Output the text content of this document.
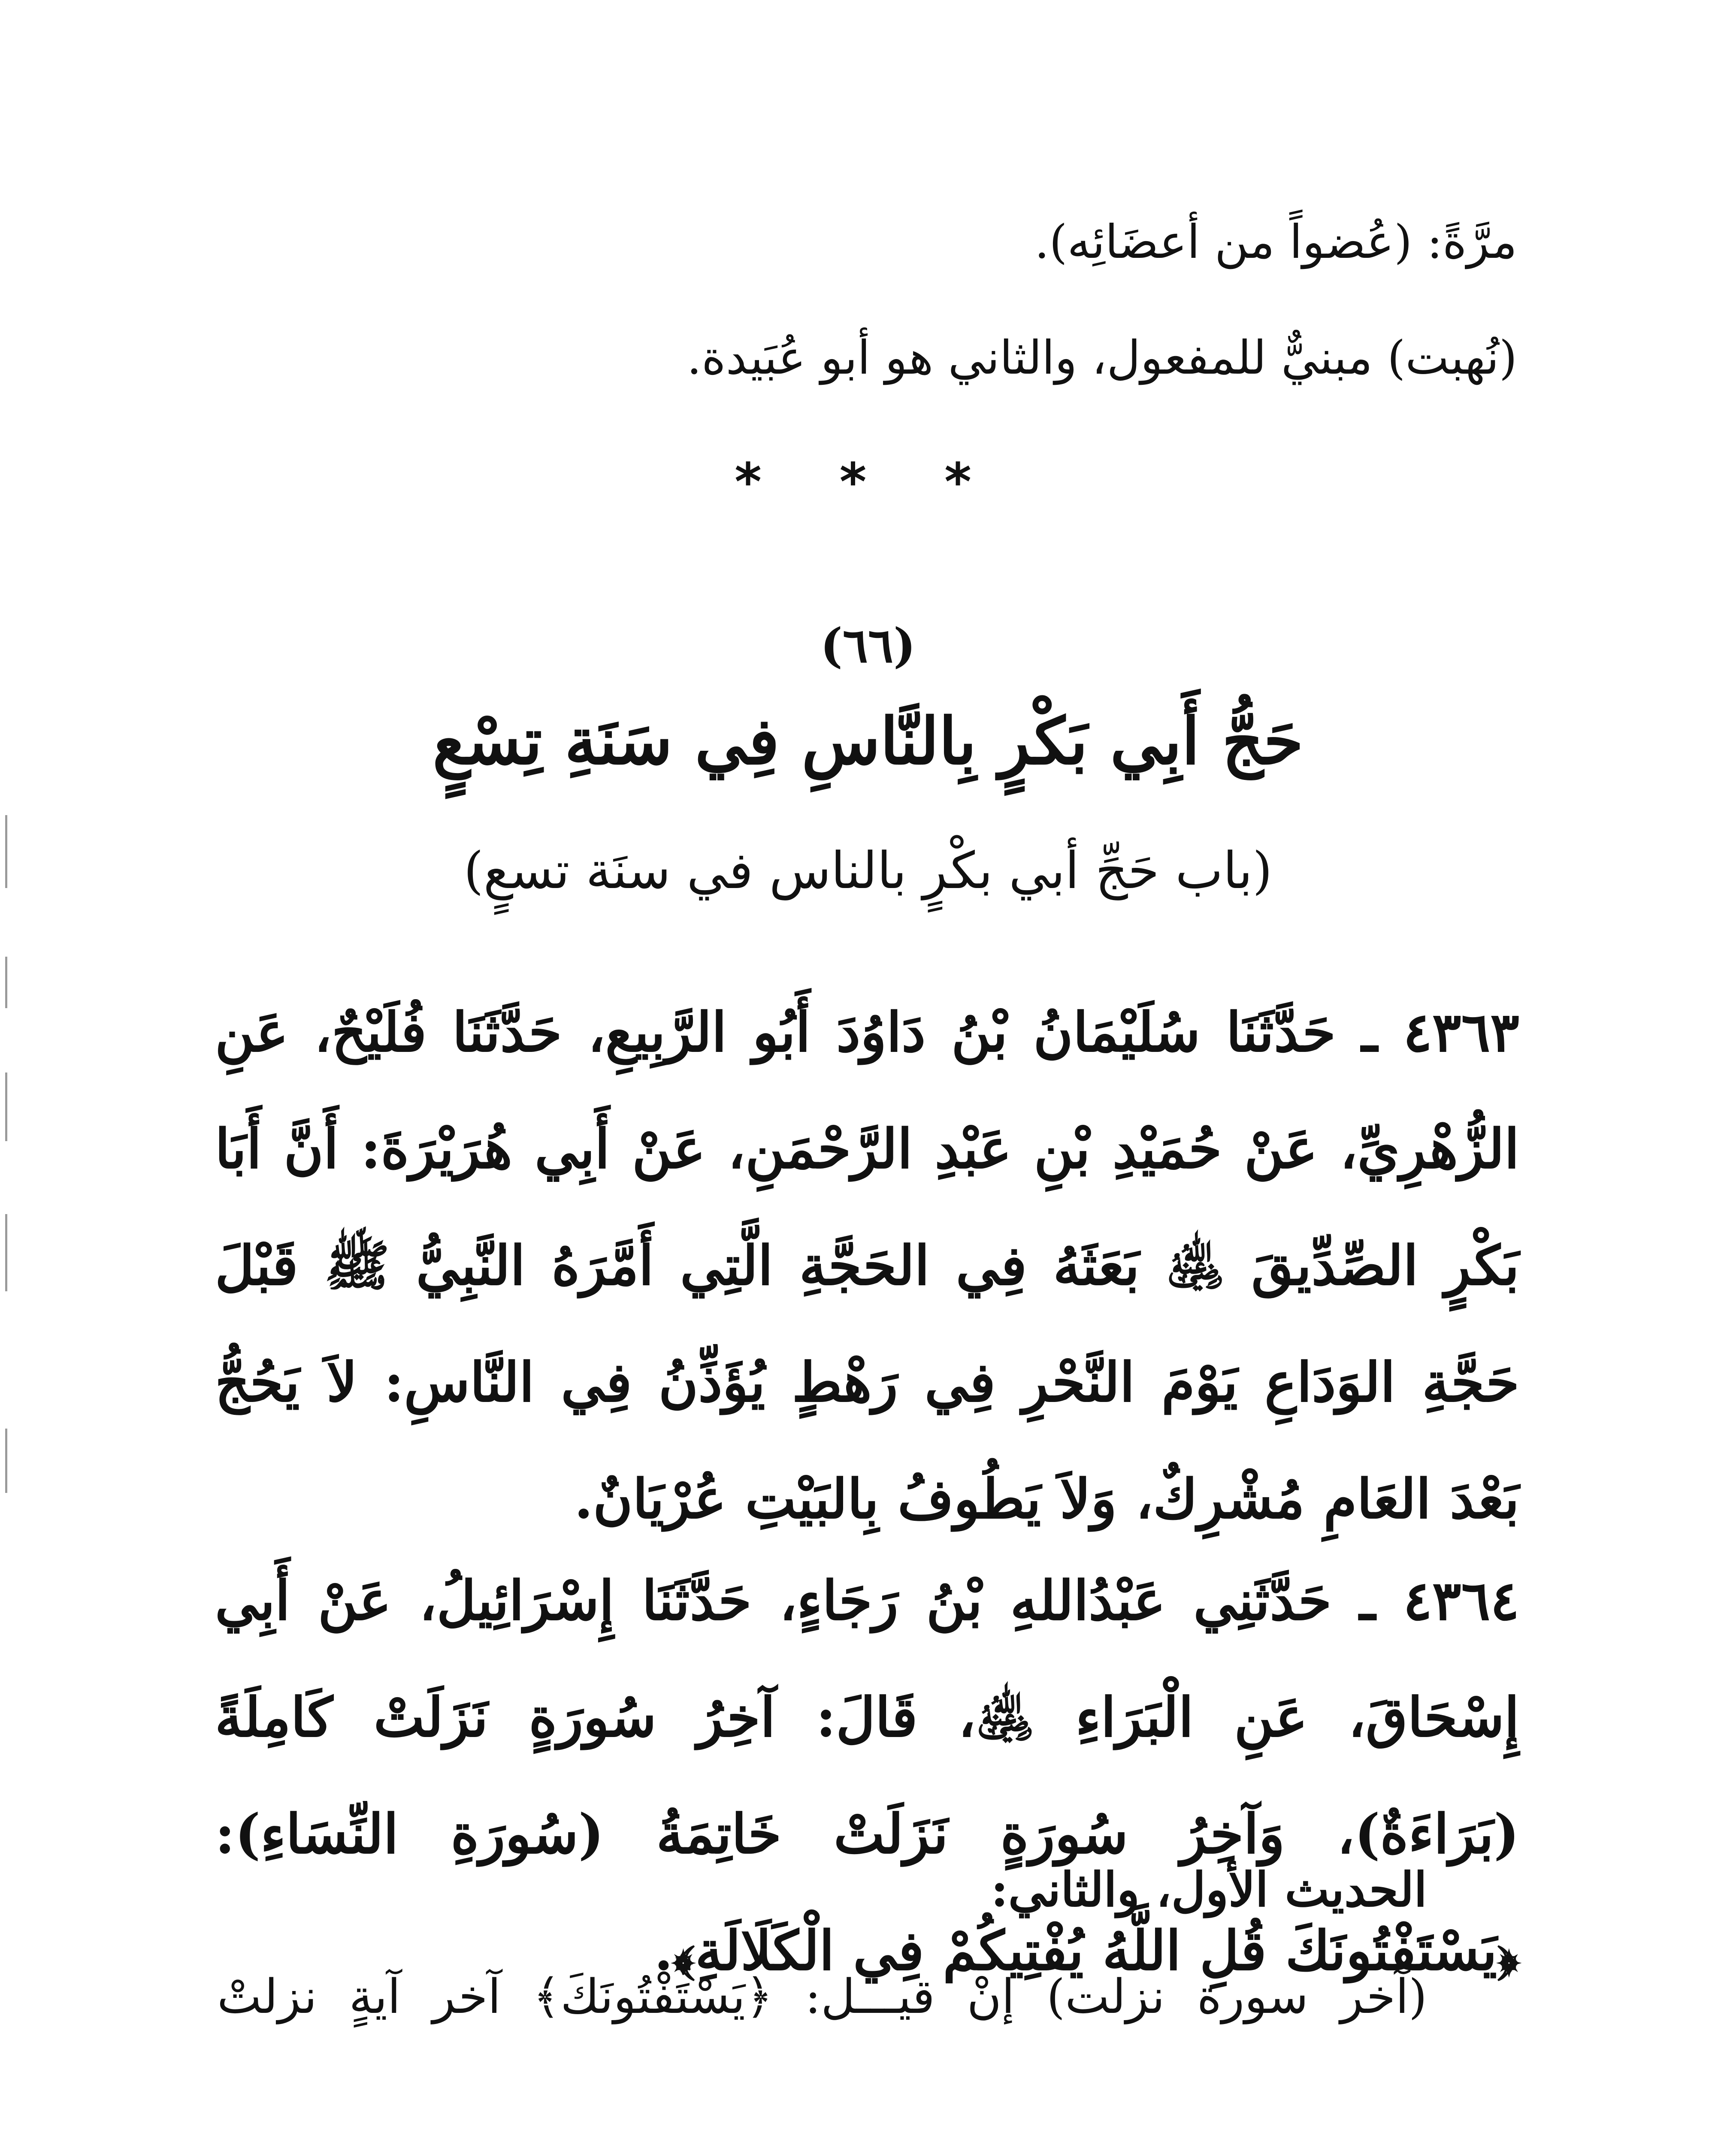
مرَّةً: (عُضواً من أعضَائِه).

(نُهبت) مبنيٌّ للمفعول، والثاني هو أبو عُبَيدة.

* * *
(٦٦)
حَجُّ أَبِي بَكْرٍ بِالنَّاسِ فِي سَنَةِ تِسْعٍ
(باب حَجِّ أبي بكْرٍ بالناس في سنَة تسعٍ)

٤٣٦٣ ـ حَدَّثَنَا سُلَيْمَانُ بْنُ دَاوُدَ أَبُو الرَّبِيعِ، حَدَّثَنَا فُلَيْحٌ، عَنِ الزُّهْرِيِّ، عَنْ حُمَيْدِ بْنِ عَبْدِ الرَّحْمَنِ، عَنْ أَبِي هُرَيْرَةَ: أَنَّ أَبَا بَكْرٍ الصِّدِّيقَ ﵁ بَعَثَهُ فِي الحَجَّةِ الَّتِي أَمَّرَهُ النَّبِيُّ ﷺ قَبْلَ حَجَّةِ الوَدَاعِ يَوْمَ النَّحْرِ فِي رَهْطٍ يُؤَذِّنُ فِي النَّاسِ: لاَ يَحُجُّ بَعْدَ العَامِ مُشْرِكٌ، وَلاَ يَطُوفُ بِالبَيْتِ عُرْيَانٌ.

٤٣٦٤ ـ حَدَّثَنِي عَبْدُاللهِ بْنُ رَجَاءٍ، حَدَّثَنَا إِسْرَائِيلُ، عَنْ أَبِي إِسْحَاقَ، عَنِ الْبَرَاءِ ﵁، قَالَ: آخِرُ سُورَةٍ نَزَلَتْ كَامِلَةً (بَرَاءَةٌ)، وَآخِرُ سُورَةٍ نَزَلَتْ خَاتِمَةُ (سُورَةِ النِّسَاءِ): ﴿يَسْتَفْتُونَكَ قُلِ اللَّهُ يُفْتِيكُمْ فِي الْكَلَالَةِ﴾.

الحديث الأول، والثاني:

(آخر سورة نزلت) إنْ قيـــل: ﴿يَسْتَفْتُونَكَ﴾ آخر آيةٍ نزلتْ
